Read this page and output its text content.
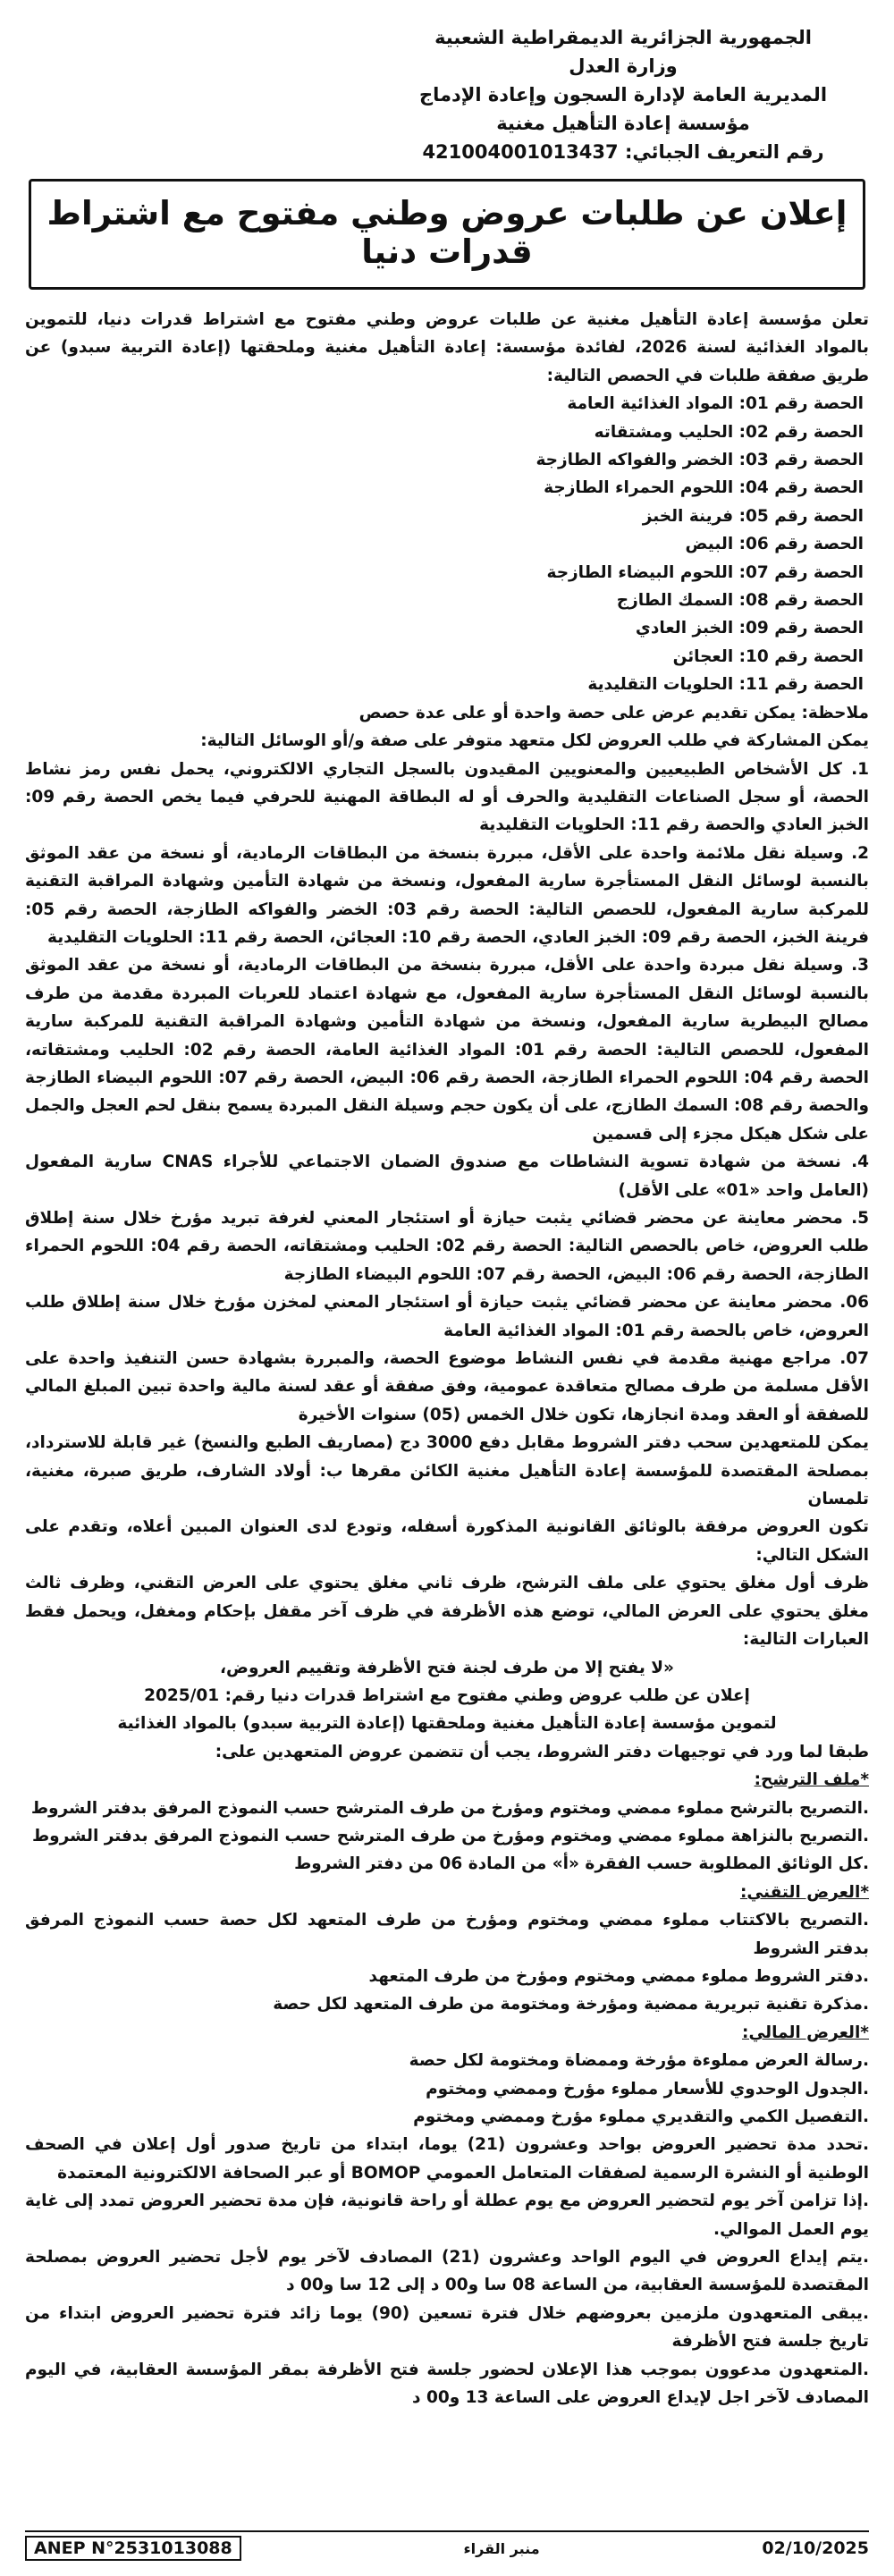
الجمهورية الجزائرية الديمقراطية الشعبية
وزارة العدل
المديرية العامة لإدارة السجون وإعادة الإدماج
مؤسسة إعادة التأهيل مغنية
رقم التعريف الجبائي: 421004001013437
إعلان عن طلبات عروض وطني مفتوح مع اشتراط قدرات دنيا

تعلن مؤسسة إعادة التأهيل مغنية عن طلبات عروض وطني مفتوح مع اشتراط قدرات دنيا، للتموين بالمواد الغذائية لسنة 2026، لفائدة مؤسسة: إعادة التأهيل مغنية وملحقتها (إعادة التربية سبدو) عن طريق صفقة طلبات في الحصص التالية:

الحصة رقم 01: المواد الغذائية العامة
الحصة رقم 02: الحليب ومشتقاته
الحصة رقم 03: الخضر والفواكه الطازجة
الحصة رقم 04: اللحوم الحمراء الطازجة
الحصة رقم 05: فرينة الخبز
الحصة رقم 06: البيض
الحصة رقم 07: اللحوم البيضاء الطازجة
الحصة رقم 08: السمك الطازج
الحصة رقم 09: الخبز العادي
الحصة رقم 10: العجائن
الحصة رقم 11: الحلويات التقليدية

ملاحظة: يمكن تقديم عرض على حصة واحدة أو على عدة حصص

يمكن المشاركة في طلب العروض لكل متعهد متوفر على صفة و/أو الوسائل التالية:

1. كل الأشخاص الطبيعيين والمعنويين المقيدون بالسجل التجاري الالكتروني، يحمل نفس رمز نشاط الحصة، أو سجل الصناعات التقليدية والحرف أو له البطاقة المهنية للحرفي فيما يخص الحصة رقم 09: الخبز العادي والحصة رقم 11: الحلويات التقليدية

2. وسيلة نقل ملائمة واحدة على الأقل، مبررة بنسخة من البطاقات الرمادية، أو نسخة من عقد الموثق بالنسبة لوسائل النقل المستأجرة سارية المفعول، ونسخة من شهادة التأمين وشهادة المراقبة التقنية للمركبة سارية المفعول، للحصص التالية: الحصة رقم 03: الخضر والفواكه الطازجة، الحصة رقم 05: فرينة الخبز، الحصة رقم 09: الخبز العادي، الحصة رقم 10: العجائن، الحصة رقم 11: الحلويات التقليدية

3. وسيلة نقل مبردة واحدة على الأقل، مبررة بنسخة من البطاقات الرمادية، أو نسخة من عقد الموثق بالنسبة لوسائل النقل المستأجرة سارية المفعول، مع شهادة اعتماد للعربات المبردة مقدمة من طرف مصالح البيطرية سارية المفعول، ونسخة من شهادة التأمين وشهادة المراقبة التقنية للمركبة سارية المفعول، للحصص التالية: الحصة رقم 01: المواد الغذائية العامة، الحصة رقم 02: الحليب ومشتقاته، الحصة رقم 04: اللحوم الحمراء الطازجة، الحصة رقم 06: البيض، الحصة رقم 07: اللحوم البيضاء الطازجة والحصة رقم 08: السمك الطازج، على أن يكون حجم وسيلة النقل المبردة يسمح بنقل لحم العجل والجمل على شكل هيكل مجزء إلى قسمين

4. نسخة من شهادة تسوية النشاطات مع صندوق الضمان الاجتماعي للأجراء CNAS سارية المفعول (العامل واحد «01» على الأقل)

5. محضر معاينة عن محضر قضائي يثبت حيازة أو استئجار المعني لغرفة تبريد مؤرخ خلال سنة إطلاق طلب العروض، خاص بالحصص التالية: الحصة رقم 02: الحليب ومشتقاته، الحصة رقم 04: اللحوم الحمراء الطازجة، الحصة رقم 06: البيض، الحصة رقم 07: اللحوم البيضاء الطازجة

06. محضر معاينة عن محضر قضائي يثبت حيازة أو استئجار المعني لمخزن مؤرخ خلال سنة إطلاق طلب العروض، خاص بالحصة رقم 01: المواد الغذائية العامة

07. مراجع مهنية مقدمة في نفس النشاط موضوع الحصة، والمبررة بشهادة حسن التنفيذ واحدة على الأقل مسلمة من طرف مصالح متعاقدة عمومية، وفق صفقة أو عقد لسنة مالية واحدة تبين المبلغ المالي للصفقة أو العقد ومدة انجازها، تكون خلال الخمس (05) سنوات الأخيرة

يمكن للمتعهدين سحب دفتر الشروط مقابل دفع 3000 دج (مصاريف الطبع والنسخ) غير قابلة للاسترداد، بمصلحة المقتصدة للمؤسسة إعادة التأهيل مغنية الكائن مقرها ب: أولاد الشارف، طريق صبرة، مغنية، تلمسان

تكون العروض مرفقة بالوثائق القانونية المذكورة أسفله، وتودع لدى العنوان المبين أعلاه، وتقدم على الشكل التالي:

ظرف أول مغلق يحتوي على ملف الترشح، ظرف ثاني مغلق يحتوي على العرض التقني، وظرف ثالث مغلق يحتوي على العرض المالي، توضع هذه الأظرفة في ظرف آخر مقفل بإحكام ومغفل، ويحمل فقط العبارات التالية:

«لا يفتح إلا من طرف لجنة فتح الأظرفة وتقييم العروض،
إعلان عن طلب عروض وطني مفتوح مع اشتراط قدرات دنيا رقم: 2025/01
لتموين مؤسسة إعادة التأهيل مغنية وملحقتها (إعادة التربية سبدو) بالمواد الغذائية

طبقا لما ورد في توجيهات دفتر الشروط، يجب أن تتضمن عروض المتعهدين على:

*ملف الترشح:
.التصريح بالترشح مملوء ممضي ومختوم ومؤرخ من طرف المترشح حسب النموذج المرفق بدفتر الشروط
.التصريح بالنزاهة مملوء ممضي ومختوم ومؤرخ من طرف المترشح حسب النموذج المرفق بدفتر الشروط
.كل الوثائق المطلوبة حسب الفقرة «أ» من المادة 06 من دفتر الشروط
*العرض التقني:
.التصريح بالاكتتاب مملوء ممضي ومختوم ومؤرخ من طرف المتعهد لكل حصة حسب النموذج المرفق بدفتر الشروط
.دفتر الشروط مملوء ممضي ومختوم ومؤرخ من طرف المتعهد
.مذكرة تقنية تبريرية ممضية ومؤرخة ومختومة من طرف المتعهد لكل حصة
*العرض المالي:
.رسالة العرض مملوءة مؤرخة وممضاة ومختومة لكل حصة
.الجدول الوحدوي للأسعار مملوء مؤرخ وممضي ومختوم
.التفصيل الكمي والتقديري مملوء مؤرخ وممضي ومختوم

.تحدد مدة تحضير العروض بواحد وعشرون (21) يوما، ابتداء من تاريخ صدور أول إعلان في الصحف الوطنية أو النشرة الرسمية لصفقات المتعامل العمومي BOMOP أو عبر الصحافة الالكترونية المعتمدة

.إذا تزامن آخر يوم لتحضير العروض مع يوم عطلة أو راحة قانونية، فإن مدة تحضير العروض تمدد إلى غاية يوم العمل الموالي.

.يتم إيداع العروض في اليوم الواحد وعشرون (21) المصادف لآخر يوم لأجل تحضير العروض بمصلحة المقتصدة للمؤسسة العقابية، من الساعة 08 سا و00 د إلى 12 سا و00 د

.يبقى المتعهدون ملزمين بعروضهم خلال فترة تسعين (90) يوما زائد فترة تحضير العروض ابتداء من تاريخ جلسة فتح الأظرفة

.المتعهدون مدعوون بموجب هذا الإعلان لحضور جلسة فتح الأظرفة بمقر المؤسسة العقابية، في اليوم المصادف لآخر اجل لإيداع العروض على الساعة 13 و00 د

ANEP N°2531013088	منبر القراء	02/10/2025
